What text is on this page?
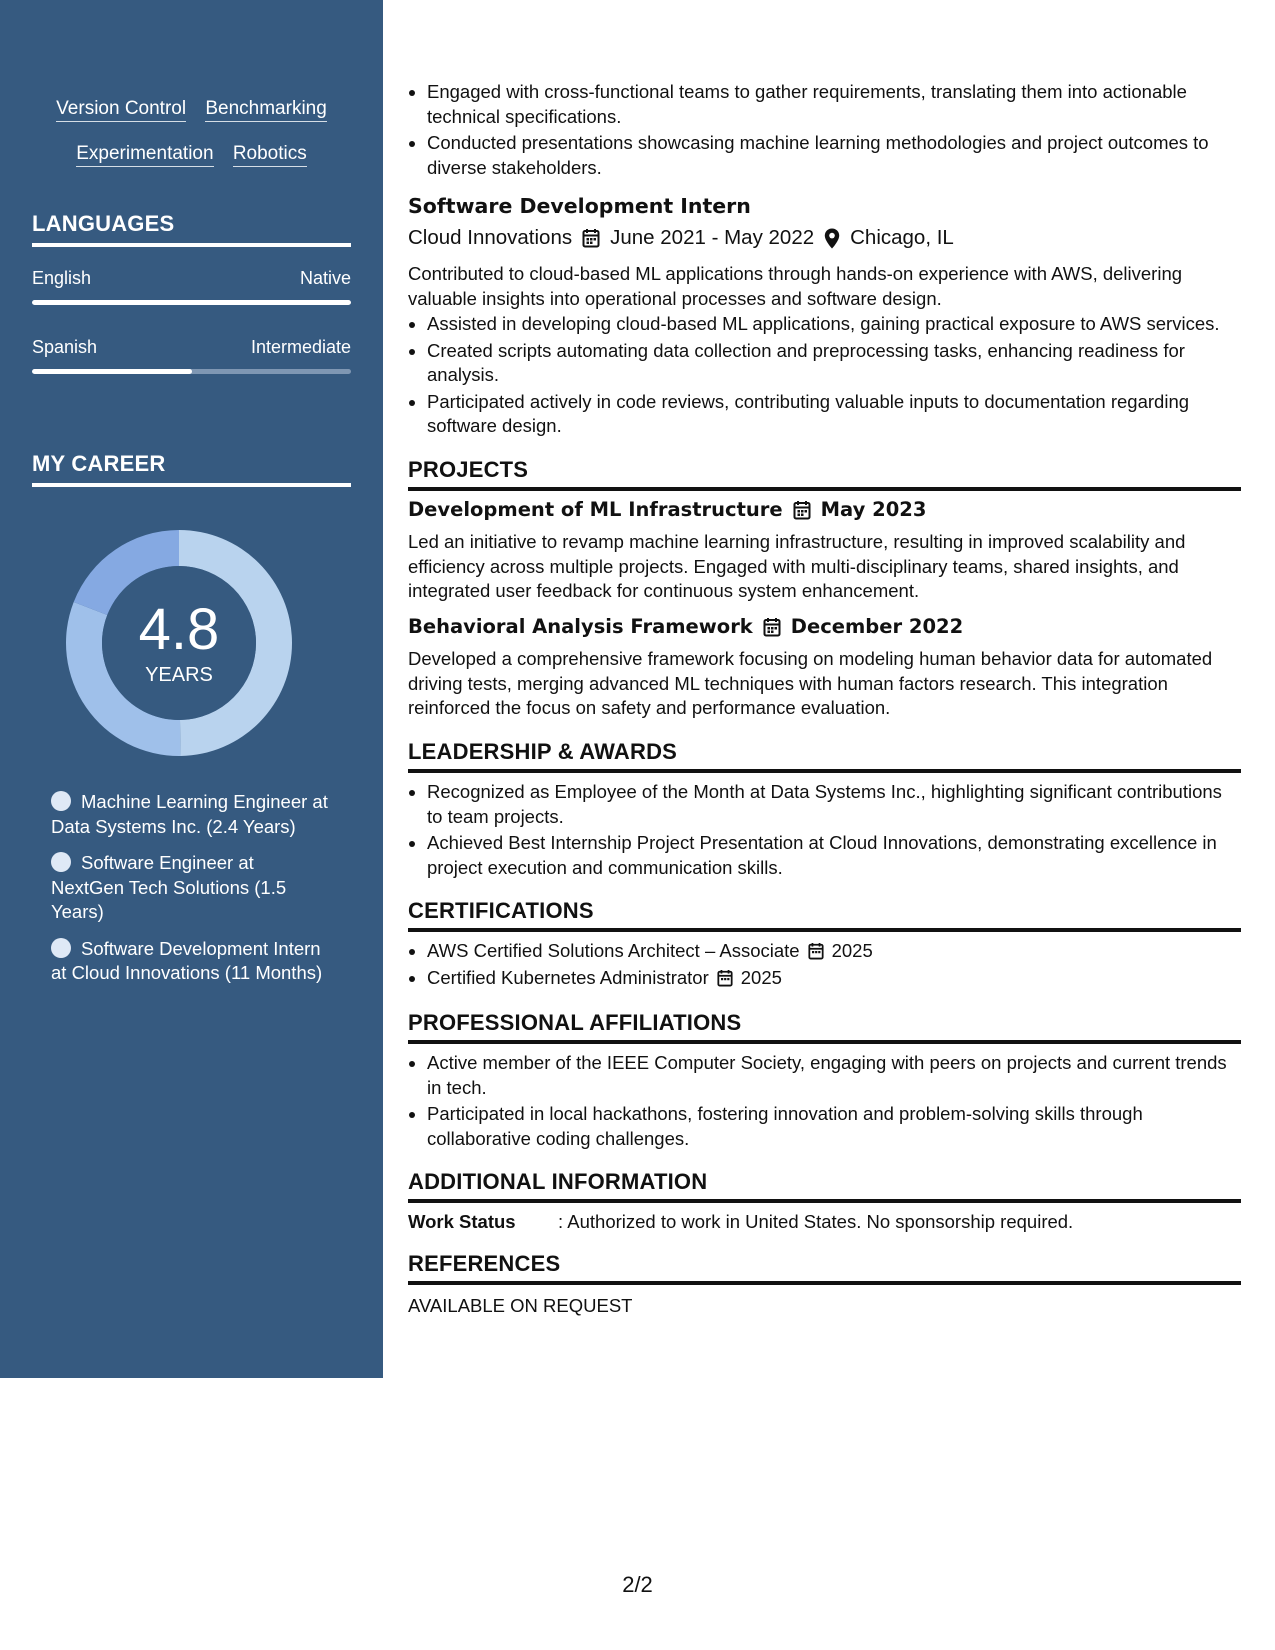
Version Control Benchmarking
Experimentation Robotics
LANGUAGES
English	Native
Spanish	Intermediate
MY CAREER
4.8
YEARS
Machine Learning Engineer at Data Systems Inc. (2.4 Years)
Software Engineer at NextGen Tech Solutions (1.5 Years)
Software Development Intern at Cloud Innovations (11 Months)
• Engaged with cross-functional teams to gather requirements, translating them into actionable technical specifications.
• Conducted presentations showcasing machine learning methodologies and project outcomes to diverse stakeholders.
Software Development Intern
Cloud Innovations June 2021 - May 2022 Chicago, IL
Contributed to cloud-based ML applications through hands-on experience with AWS, delivering valuable insights into operational processes and software design.
• Assisted in developing cloud-based ML applications, gaining practical exposure to AWS services.
• Created scripts automating data collection and preprocessing tasks, enhancing readiness for analysis.
• Participated actively in code reviews, contributing valuable inputs to documentation regarding software design.
PROJECTS
Development of ML Infrastructure May 2023
Led an initiative to revamp machine learning infrastructure, resulting in improved scalability and efficiency across multiple projects. Engaged with multi-disciplinary teams, shared insights, and integrated user feedback for continuous system enhancement.
Behavioral Analysis Framework December 2022
Developed a comprehensive framework focusing on modeling human behavior data for automated driving tests, merging advanced ML techniques with human factors research. This integration reinforced the focus on safety and performance evaluation.
LEADERSHIP & AWARDS
• Recognized as Employee of the Month at Data Systems Inc., highlighting significant contributions to team projects.
• Achieved Best Internship Project Presentation at Cloud Innovations, demonstrating excellence in project execution and communication skills.
CERTIFICATIONS
• AWS Certified Solutions Architect – Associate 2025
• Certified Kubernetes Administrator 2025
PROFESSIONAL AFFILIATIONS
• Active member of the IEEE Computer Society, engaging with peers on projects and current trends in tech.
• Participated in local hackathons, fostering innovation and problem-solving skills through collaborative coding challenges.
ADDITIONAL INFORMATION
Work Status	: Authorized to work in United States. No sponsorship required.
REFERENCES
AVAILABLE ON REQUEST
2/2
